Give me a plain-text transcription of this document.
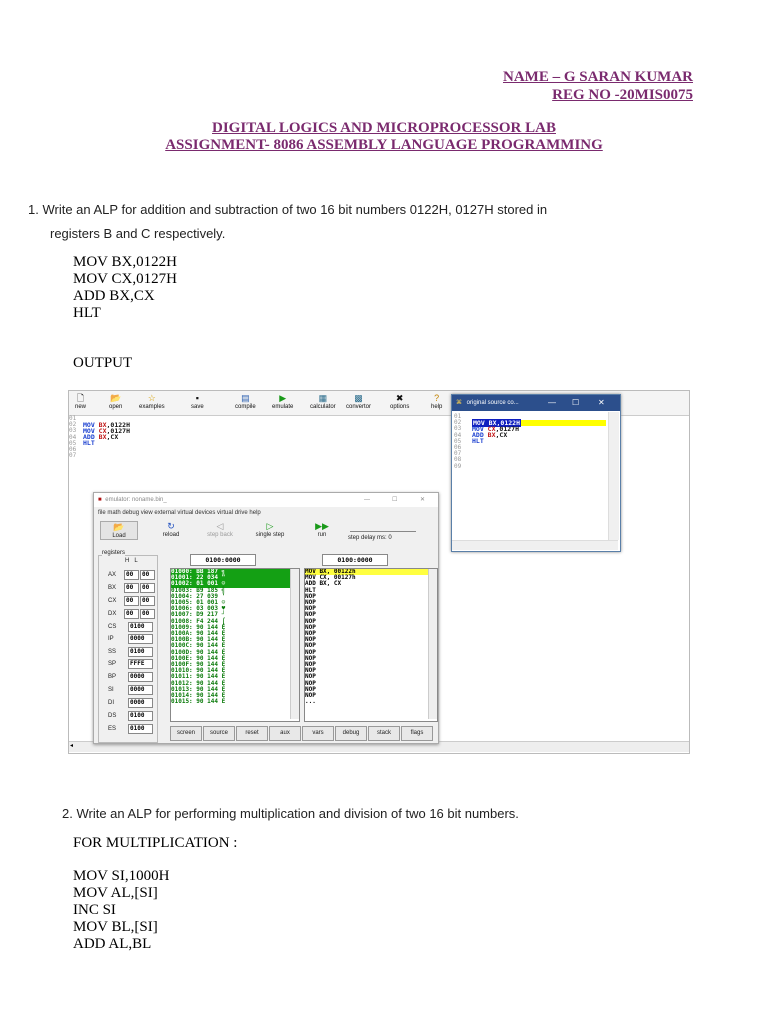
NAME – G SARAN KUMAR
REG NO -20MIS0075
DIGITAL LOGICS AND MICROPROCESSOR LAB
ASSIGNMENT- 8086 ASSEMBLY LANGUAGE PROGRAMMING
1. Write an ALP for addition and subtraction of two 16 bit numbers 0122H, 0127H stored in
registers B and C respectively.
MOV BX,0122H
MOV CX,0127H
ADD BX,CX
HLT
OUTPUT
🗋
new
📂
open
☆
examples
▪
save
▤
compile
▶
emulate
▦
calculator
▩
convertor
✖
options
?
help
01
02
03
04
05
06
07
MOV BX,0122H
MOV CX,0127H
ADD BX,CX
HLT
◂
⌘ original source co...	— ☐ ✕
01
02
03
04
05
06
07
08
09
MOV BX,0122H
MOV CX,0127H
ADD BX,CX
HLT
■ emulator: noname.bin_	—	☐	✕
file math debug view external virtual devices virtual drive help
📂
Load
↻
reload
◁
step back
▷
single step
▶▶
run	step delay ms: 0
registers
H   L
AX	00	00
BX	00	00
CX	00	00
DX	00	00
CS	0100
IP	0000
SS	0100
SP	FFFE
BP	0000
SI	0000
DI	0000
DS	0100
ES	0100
0100:0000	0100:0000
01000: BB 187 ╗
01001: 22 034 "
01002: 01 001 ☺
01003: B9 185 ╣
01004: 27 039 '
01005: 01 001 ☺
01006: 03 003 ♥
01007: D9 217 ┘
01008: F4 244 ⌠
01009: 90 144 É
0100A: 90 144 É
0100B: 90 144 É
0100C: 90 144 É
0100D: 90 144 É
0100E: 90 144 É
0100F: 90 144 É
01010: 90 144 É
01011: 90 144 É
01012: 90 144 É
01013: 90 144 É
01014: 90 144 É
01015: 90 144 É
MOV BX, 00122h
MOV CX, 00127h
ADD BX, CX
HLT
NOP
NOP
NOP
NOP
NOP
NOP
NOP
NOP
NOP
NOP
NOP
NOP
NOP
NOP
NOP
NOP
NOP
...
screen	source	reset	aux	vars	debug	stack	flags
2. Write an ALP for performing multiplication and division of two 16 bit numbers.
FOR MULTIPLICATION :
MOV SI,1000H
MOV AL,[SI]
INC SI
MOV BL,[SI]
ADD AL,BL
